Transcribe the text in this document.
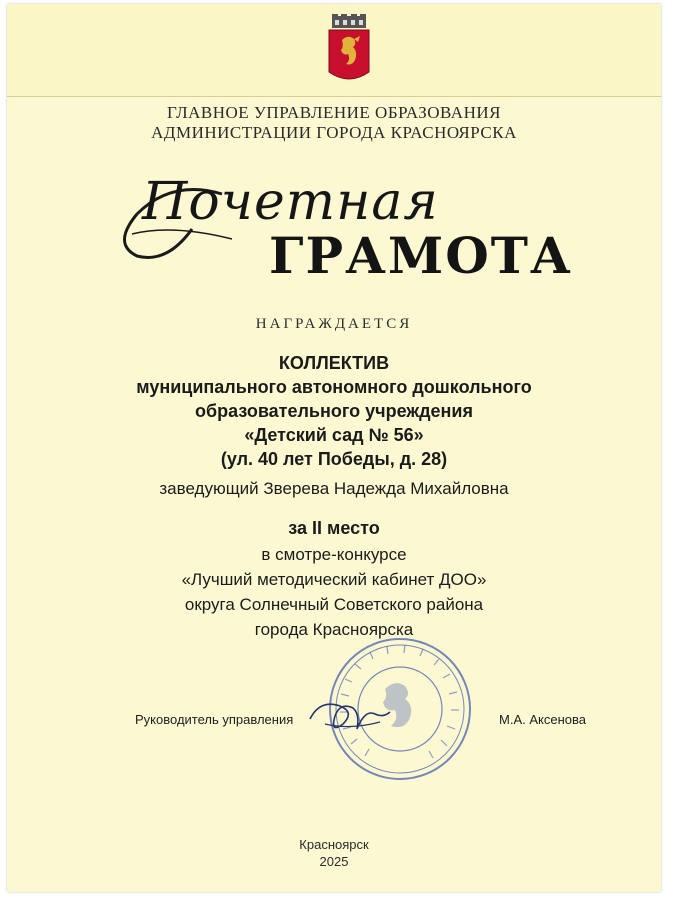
ГЛАВНОЕ УПРАВЛЕНИЕ ОБРАЗОВАНИЯ
АДМИНИСТРАЦИИ ГОРОДА КРАСНОЯРСКА
Почетная
ГРАМОТА
НАГРАЖДАЕТСЯ
КОЛЛЕКТИВ
муниципального автономного дошкольного
образовательного учреждения
«Детский сад № 56»
(ул. 40 лет Победы, д. 28)
заведующий Зверева Надежда Михайловна
за II место
в смотре-конкурсе
«Лучший методический кабинет ДОО»
округа Солнечный Советского района
города Красноярска
Руководитель управления	М.А. Аксенова
Красноярск
2025
